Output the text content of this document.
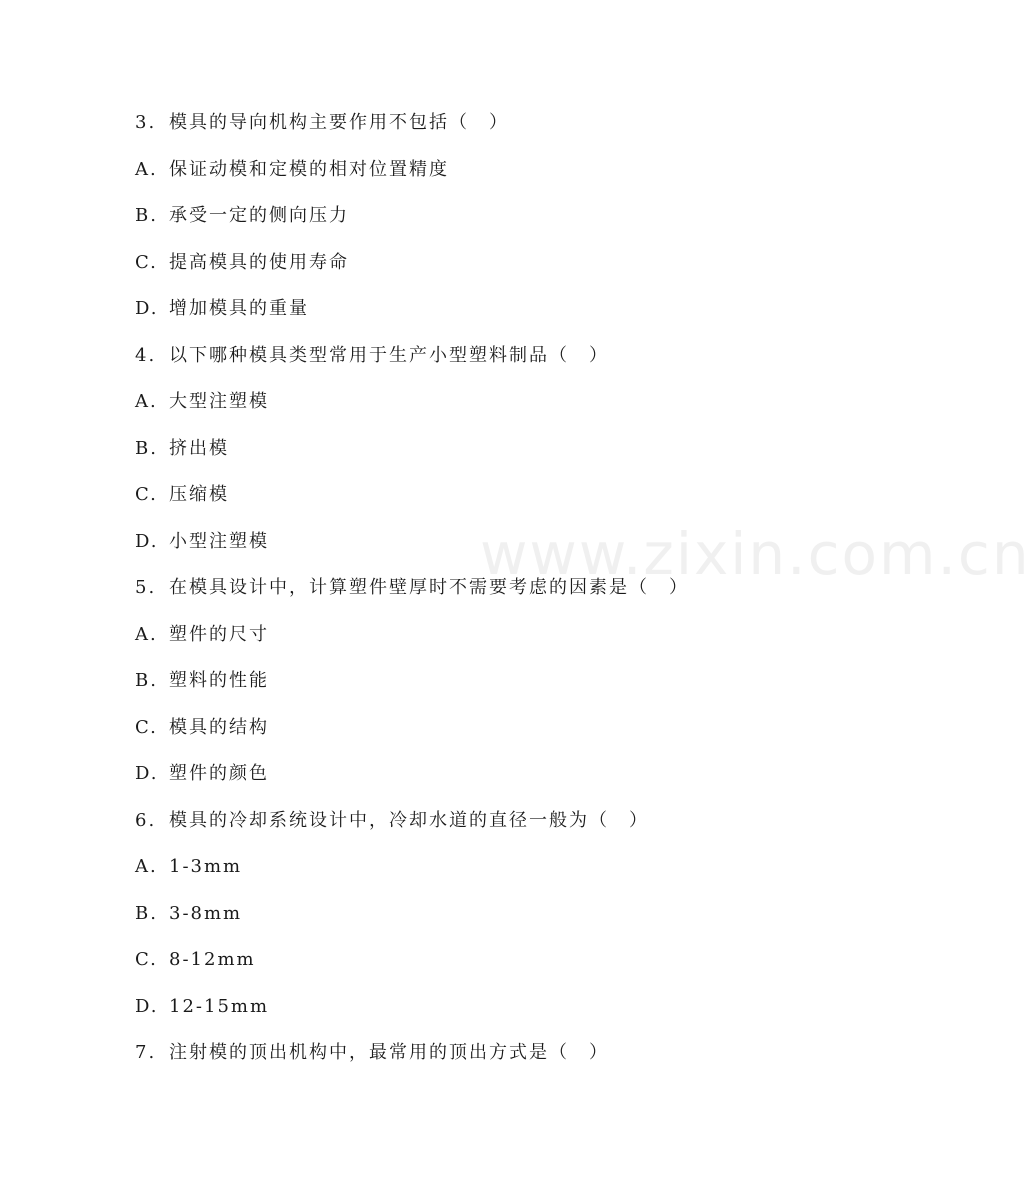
www.zixin.com.cn
3. 模具的导向机构主要作用不包括（　）
A. 保证动模和定模的相对位置精度
B. 承受一定的侧向压力
C. 提高模具的使用寿命
D. 增加模具的重量
4. 以下哪种模具类型常用于生产小型塑料制品（　）
A. 大型注塑模
B. 挤出模
C. 压缩模
D. 小型注塑模
5. 在模具设计中，计算塑件壁厚时不需要考虑的因素是（　）
A. 塑件的尺寸
B. 塑料的性能
C. 模具的结构
D. 塑件的颜色
6. 模具的冷却系统设计中，冷却水道的直径一般为（　）
A. 1-3mm
B. 3-8mm
C. 8-12mm
D. 12-15mm
7. 注射模的顶出机构中，最常用的顶出方式是（　）
